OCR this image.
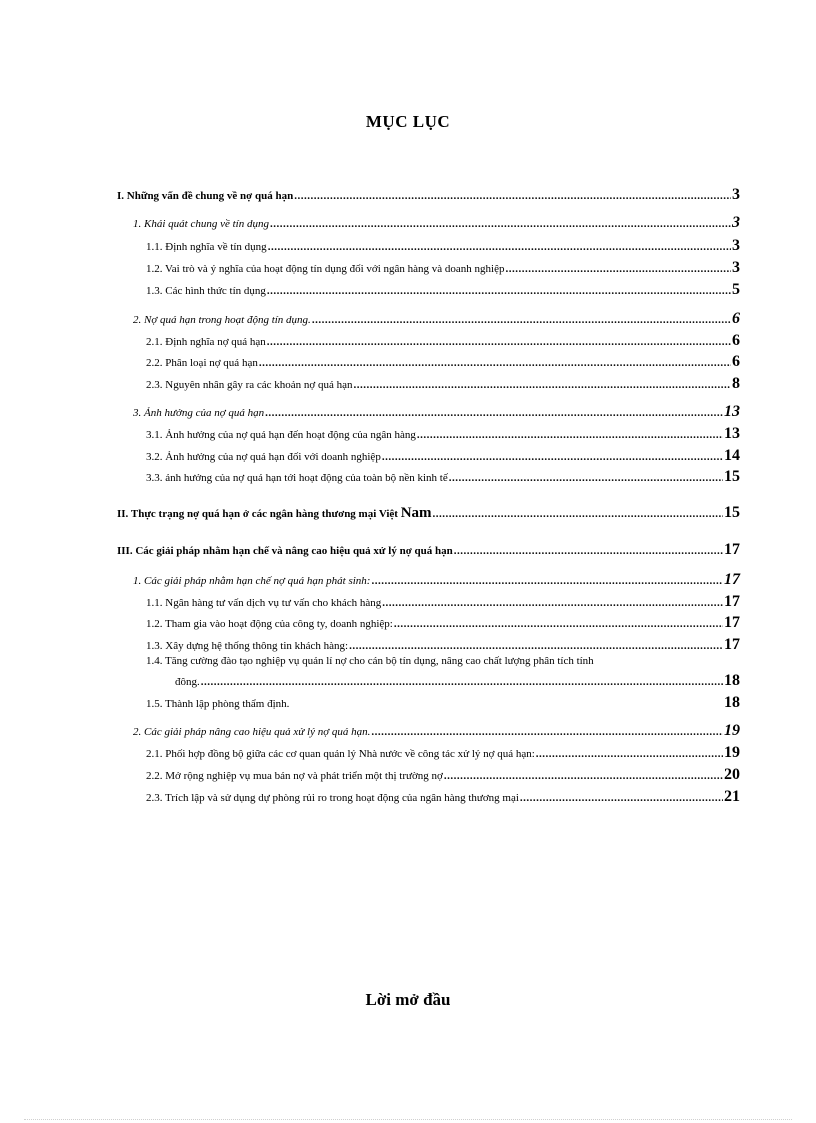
MỤC LỤC
I. Những vấn đề chung về nợ quá hạn .....	3
1. Khái quát chung về tín dụng .....	3
1.1. Định nghĩa về tín dụng .....	3
1.2. Vai trò và ý nghĩa của hoạt động tín dụng đối với ngân hàng và doanh nghiệp .....	3
1.3. Các hình thức tín dụng .....	5
2. Nợ quá hạn trong hoạt động tín dụng. .....	6
2.1. Định nghĩa nợ quá hạn .....	6
2.2. Phân loại nợ quá hạn .....	6
2.3. Nguyên nhân gây ra các khoản nợ quá hạn .....	8
3. Ảnh hưởng của nợ quá hạn .....	13
3.1. Ảnh hưởng của nợ quá hạn đến hoạt động của ngân hàng .....	13
3.2. Ảnh hưởng của nợ quá hạn đối với doanh nghiệp .....	14
3.3. ảnh hưởng của nợ quá hạn tới hoạt động của toàn bộ nền kinh tế .....	15
II. Thực trạng nợ quá hạn ở các ngân hàng thương mại Việt Nam .....	15
III. Các giải pháp nhằm hạn chế và nâng cao hiệu quả xử lý nợ quá hạn .....	17
1. Các giải pháp nhằm hạn chế nợ quá hạn phát sinh: .....	17
1.1. Ngân hàng tư vấn dịch vụ tư vấn cho khách hàng .....	17
1.2. Tham gia vào hoạt động của công ty, doanh nghiệp: .....	17
1.3. Xây dựng hệ thống thông tin khách hàng: .....	17
1.4. Tăng cường đào tạo nghiệp vụ quản lí nợ cho cán bộ tín dụng, nâng cao chất lượng phân tích tính
đông. .....	18
1.5. Thành lập phòng thẩm định.	18
2. Các giải pháp nâng cao hiệu quả xử lý nợ quá hạn. .....	19
2.1. Phối hợp đồng bộ giữa các cơ quan quản lý Nhà nước về công tác xử lý nợ quá hạn: .....	19
2.2. Mở rộng nghiệp vụ mua bán nợ và phát triển một thị trường nợ .....	20
2.3. Trích lập và sử dụng dự phòng rủi ro trong hoạt động của ngân hàng thương mại .....	21
Lời mở đầu
